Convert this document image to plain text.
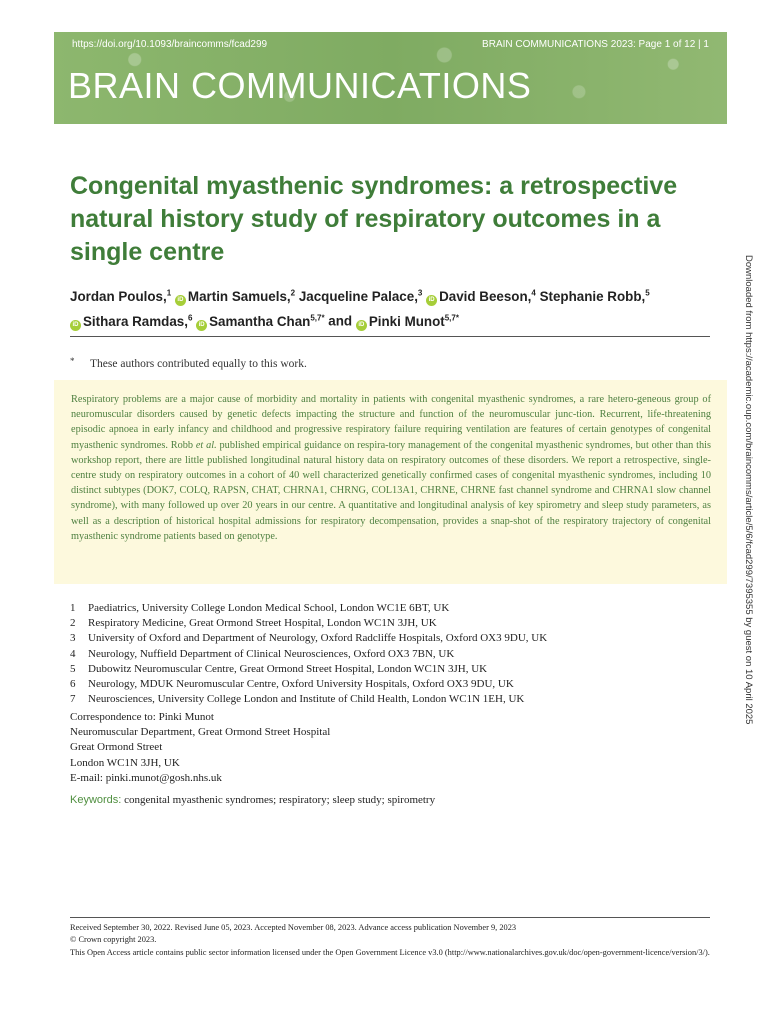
https://doi.org/10.1093/braincomms/fcad299	BRAIN COMMUNICATIONS 2023: Page 1 of 12 | 1
BRAIN COMMUNICATIONS
Congenital myasthenic syndromes: a retrospective natural history study of respiratory outcomes in a single centre
Jordan Poulos,$^1$ iD Martin Samuels,$^2$ Jacqueline Palace,$^3$ iD David Beeson,$^4$ Stephanie Robb,$^5$
iD Sithara Ramdas,$^6$ iD Samantha Chan$^{5,7*}$ and iD Pinki Munot$^{5,7*}$
* These authors contributed equally to this work.
Respiratory problems are a major cause of morbidity and mortality in patients with congenital myasthenic syndromes, a rare hetero-geneous group of neuromuscular disorders caused by genetic defects impacting the structure and function of the neuromuscular junc-tion. Recurrent, life-threatening episodic apnoea in early infancy and childhood and progressive respiratory failure requiring ventilation are features of certain genotypes of congenital myasthenic syndromes. Robb et al. published empirical guidance on respira-tory management of the congenital myasthenic syndromes, but other than this workshop report, there are little published longitudinal natural history data on respiratory outcomes of these disorders. We report a retrospective, single-centre study on respiratory outcomes in a cohort of 40 well characterized genetically confirmed cases of congenital myasthenic syndromes, including 10 distinct subtypes (DOK7, COLQ, RAPSN, CHAT, CHRNA1, CHRNG, COL13A1, CHRNE, CHRNE fast channel syndrome and CHRNA1 slow channel syndrome), with many followed up over 20 years in our centre. A quantitative and longitudinal analysis of key spirometry and sleep study parameters, as well as a description of historical hospital admissions for respiratory decompensation, provides a snap-shot of the respiratory trajectory of congenital myasthenic syndrome patients based on genotype.
1	Paediatrics, University College London Medical School, London WC1E 6BT, UK
2	Respiratory Medicine, Great Ormond Street Hospital, London WC1N 3JH, UK
3	University of Oxford and Department of Neurology, Oxford Radcliffe Hospitals, Oxford OX3 9DU, UK
4	Neurology, Nuffield Department of Clinical Neurosciences, Oxford OX3 7BN, UK
5	Dubowitz Neuromuscular Centre, Great Ormond Street Hospital, London WC1N 3JH, UK
6	Neurology, MDUK Neuromuscular Centre, Oxford University Hospitals, Oxford OX3 9DU, UK
7	Neurosciences, University College London and Institute of Child Health, London WC1N 1EH, UK
Correspondence to: Pinki Munot
Neuromuscular Department, Great Ormond Street Hospital
Great Ormond Street
London WC1N 3JH, UK
E-mail: pinki.munot@gosh.nhs.uk
Keywords: congenital myasthenic syndromes; respiratory; sleep study; spirometry
Received September 30, 2022. Revised June 05, 2023. Accepted November 08, 2023. Advance access publication November 9, 2023
© Crown copyright 2023.
This Open Access article contains public sector information licensed under the Open Government Licence v3.0 (http://www.nationalarchives.gov.uk/doc/open-government-licence/version/3/).
Downloaded from https://academic.oup.com/braincomms/article/5/6/fcad299/7395355 by guest on 10 April 2025
